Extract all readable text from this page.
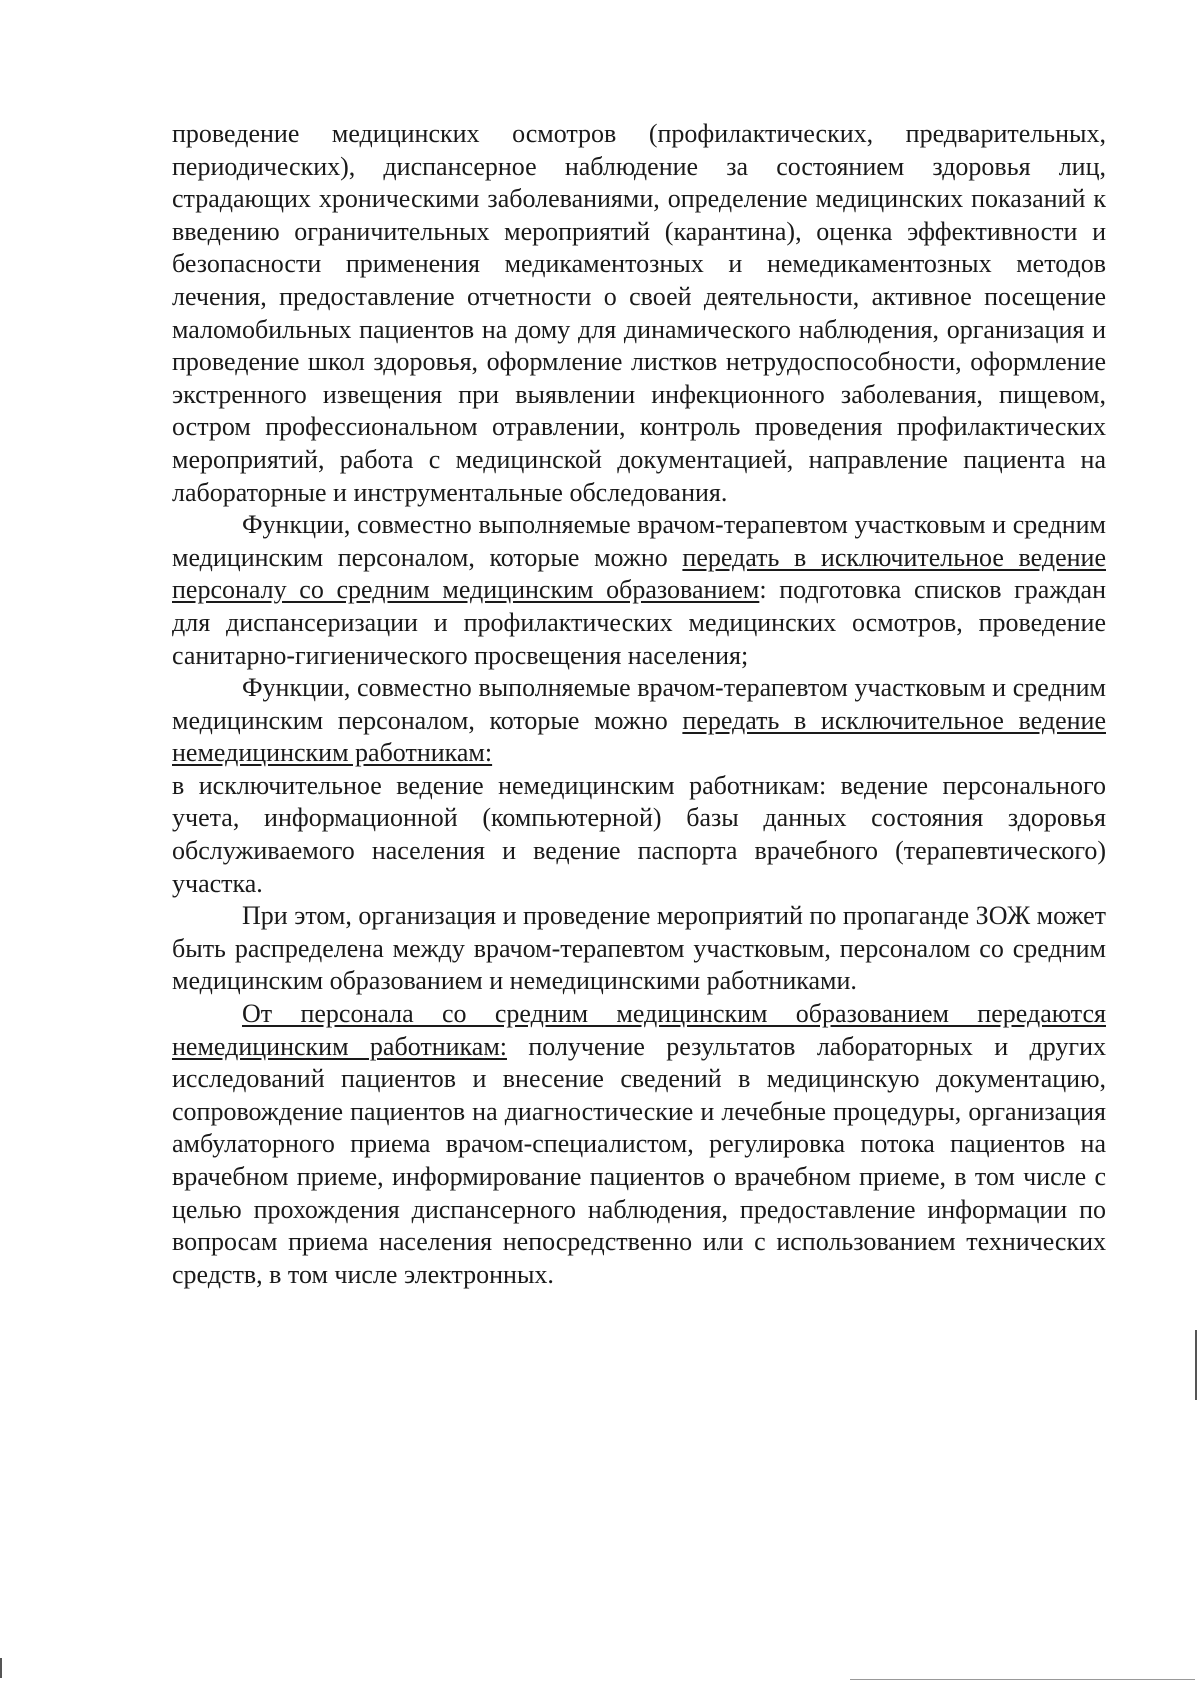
проведение медицинских осмотров (профилактических, предварительных, периодических), диспансерное наблюдение за состоянием здоровья лиц, страдающих хроническими заболеваниями, определение медицинских показаний к введению ограничительных мероприятий (карантина), оценка эффективности и безопасности применения медикаментозных и немедикаментозных методов лечения, предоставление отчетности о своей деятельности, активное посещение маломобильных пациентов на дому для динамического наблюдения, организация и проведение школ здоровья, оформление листков нетрудоспособности, оформление экстренного извещения при выявлении инфекционного заболевания, пищевом, остром профессиональном отравлении, контроль проведения профилактических мероприятий, работа с медицинской документацией, направление пациента на лабораторные и инструментальные обследования.

Функции, совместно выполняемые врачом-терапевтом участковым и средним медицинским персоналом, которые можно передать в исключительное ведение персоналу со средним медицинским образованием: подготовка списков граждан для диспансеризации и профилактических медицинских осмотров, проведение санитарно-гигиенического просвещения населения;

Функции, совместно выполняемые врачом-терапевтом участковым и средним медицинским персоналом, которые можно передать в исключительное ведение немедицинским работникам:

в исключительное ведение немедицинским работникам: ведение персонального учета, информационной (компьютерной) базы данных состояния здоровья обслуживаемого населения и ведение паспорта врачебного (терапевтического) участка.

При этом, организация и проведение мероприятий по пропаганде ЗОЖ может быть распределена между врачом-терапевтом участковым, персоналом со средним медицинским образованием и немедицинскими работниками.

От персонала со средним медицинским образованием передаются немедицинским работникам: получение результатов лабораторных и других исследований пациентов и внесение сведений в медицинскую документацию, сопровождение пациентов на диагностические и лечебные процедуры, организация амбулаторного приема врачом-специалистом, регулировка потока пациентов на врачебном приеме, информирование пациентов о врачебном приеме, в том числе с целью прохождения диспансерного наблюдения, предоставление информации по вопросам приема населения непосредственно или с использованием технических средств, в том числе электронных.
